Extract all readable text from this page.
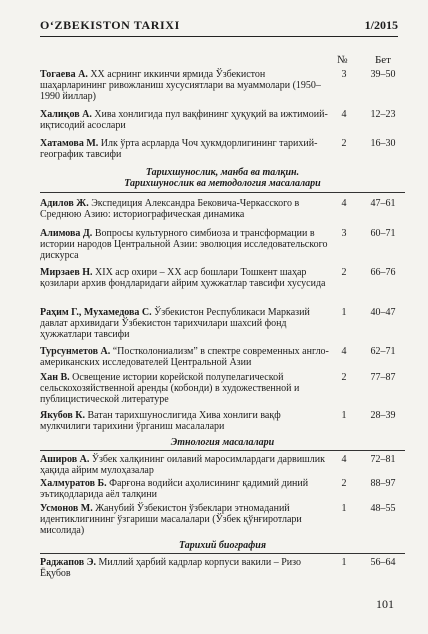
O‘ZBEKISTON TARIXI	1/2015
№	Бет
Тогаева А. XX асрнинг иккинчи ярмида Ўзбекистон шаҳарларининг ривожланиш хусусиятлари ва муаммолари (1950–1990 йиллар)
3	39–50
Халиқов А. Хива хонлигида пул вақфининг ҳуқуқий ва ижтимоий-иқтисодий асослари
4	12–23
Хатамова М. Илк ўрта асрларда Чоч ҳукмдорлигининг тарихий-географик тавсифи
2	16–30
Тарихшунослик, манба ва талқин.
Тарихшунослик ва методология масалалари
Адилов Ж. Экспедиция Александра Бековича-Черкасского в Среднюю Азию: историографическая динамика
4	47–61
Алимова Д. Вопросы культурного симбиоза и трансформации в истории народов Центральной Азии: эволюция исследовательского дискурса
3	60–71
Мирзаев Н. XIX аср охири – XX аср бошлари Тошкент шаҳар қозилари архив фондларидаги айрим ҳужжатлар тавсифи хусусида
2	66–76
Раҳим Г., Мухамедова С. Ўзбекистон Республикаси Марказий давлат архивидаги Ўзбекистон тарихчилари шахсий фонд ҳужжатлари тавсифи
1	40–47
Турсунметов А. “Постколониализм” в спектре современных англо-американских исследователей Центральной Азии
4	62–71
Хан В. Освещение истории корейской полупелагической сельскохозяйственной аренды (кобонди) в художественной и публицистической литературе
2	77–87
Якубов К. Ватан тарихшунослигида Хива хонлиги вақф мулкчилиги тарихини ўрганиш масалалари
1	28–39
Этнология масалалари
Аширов А. Ўзбек халқининг оилавий маросимлардаги дарвишлик ҳақида айрим мулоҳазалар
4	72–81
Халмуратов Б. Фарғона водийси аҳолисининг қадимий диний эътиқодларида аёл талқини
2	88–97
Усмонов М. Жанубий Ўзбекистон ўзбеклари этномаданий идентиклигининг ўзгариши масалалари (Ўзбек қўнғиротлари мисолида)
1	48–55
Тарихий биография
Раджапов Э. Миллий ҳарбий кадрлар корпуси вакили – Ризо Ёқубов
1	56–64
101
